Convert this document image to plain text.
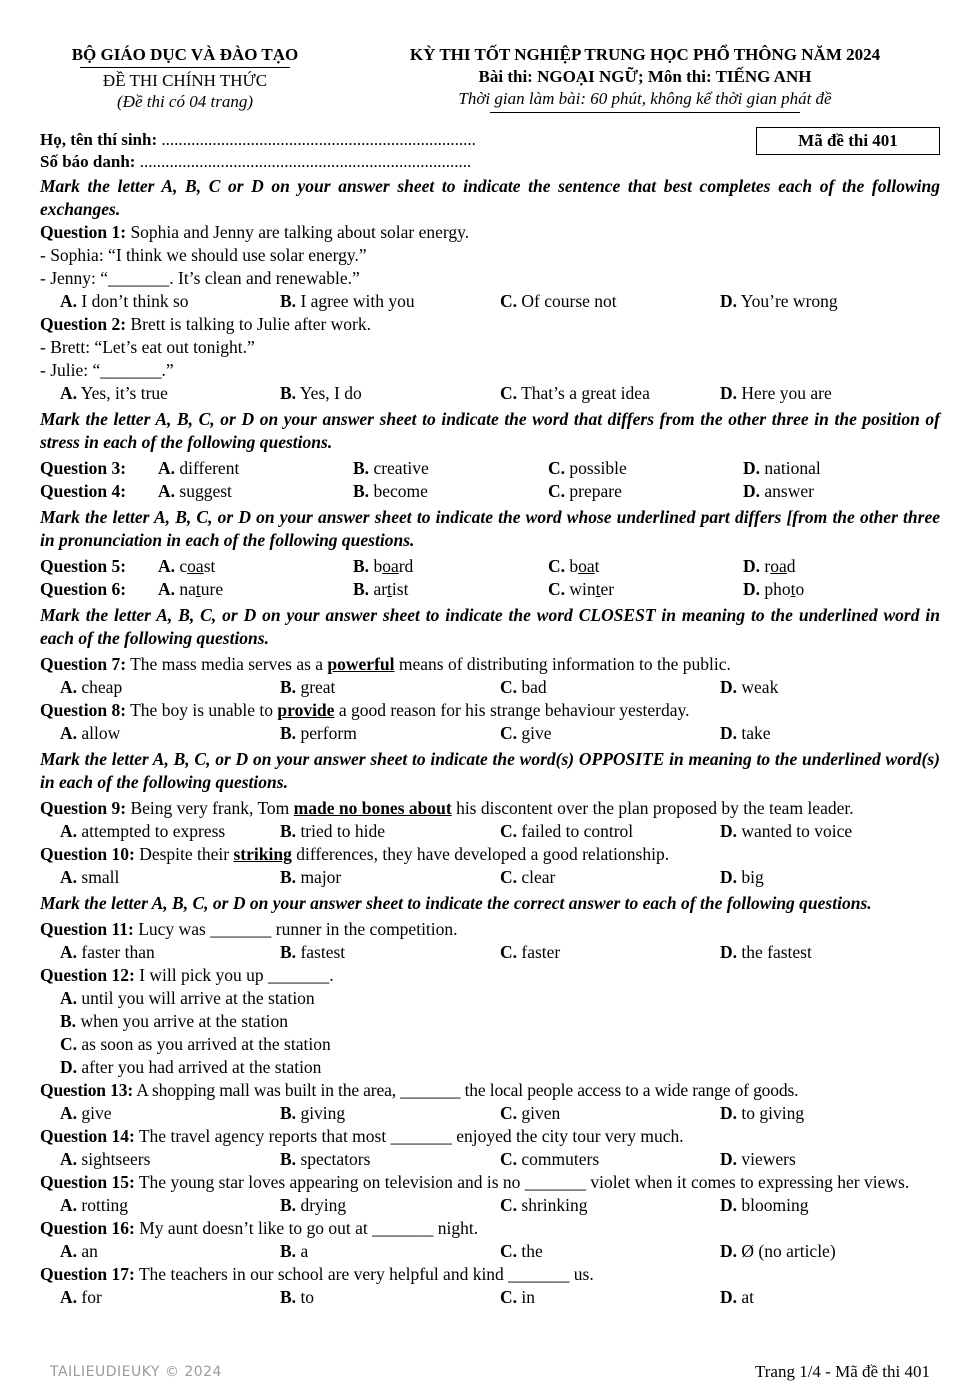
BỘ GIÁO DỤC VÀ ĐÀO TẠO
ĐỀ THI CHÍNH THỨC
(Đề thi có 04 trang)
KỲ THI TỐT NGHIỆP TRUNG HỌC PHỔ THÔNG NĂM 2024
Bài thi: NGOẠI NGỮ; Môn thi: TIẾNG ANH
Thời gian làm bài: 60 phút, không kể thời gian phát đề
Họ, tên thí sinh: ..........................................................................
Số báo danh: ..............................................................................
Mã đề thi 401

Mark the letter A, B, C or D on your answer sheet to indicate the sentence that best completes each of the following exchanges.

Question 1: Sophia and Jenny are talking about solar energy.

- Sophia: “I think we should use solar energy.”

- Jenny: “_______. It’s clean and renewable.”

A. I don’t think so	B. I agree with you	C. Of course not	D. You’re wrong

Question 2: Brett is talking to Julie after work.

- Brett: “Let’s eat out tonight.”

- Julie: “_______.”

A. Yes, it’s true	B. Yes, I do	C. That’s a great idea	D. Here you are

Mark the letter A, B, C, or D on your answer sheet to indicate the word that differs from the other three in the position of stress in each of the following questions.

Question 3:	A. different	B. creative	C. possible	D. national
Question 4:	A. suggest	B. become	C. prepare	D. answer

Mark the letter A, B, C, or D on your answer sheet to indicate the word whose underlined part differs [from the other three in pronunciation in each of the following questions.

Question 5:	A. coast	B. board	C. boat	D. road
Question 6:	A. nature	B. artist	C. winter	D. photo

Mark the letter A, B, C, or D on your answer sheet to indicate the word CLOSEST in meaning to the underlined word in each of the following questions.

Question 7: The mass media serves as a powerful means of distributing information to the public.

A. cheap	B. great	C. bad	D. weak

Question 8: The boy is unable to provide a good reason for his strange behaviour yesterday.

A. allow	B. perform	C. give	D. take

Mark the letter A, B, C, or D on your answer sheet to indicate the word(s) OPPOSITE in meaning to the underlined word(s) in each of the following questions.

Question 9: Being very frank, Tom made no bones about his discontent over the plan proposed by the team leader.

A. attempted to express	B. tried to hide	C. failed to control	D. wanted to voice

Question 10: Despite their striking differences, they have developed a good relationship.

A. small	B. major	C. clear	D. big

Mark the letter A, B, C, or D on your answer sheet to indicate the correct answer to each of the following questions.

Question 11: Lucy was _______ runner in the competition.

A. faster than	B. fastest	C. faster	D. the fastest

Question 12: I will pick you up _______.

A. until you will arrive at the station
B. when you arrive at the station
C. as soon as you arrived at the station
D. after you had arrived at the station

Question 13: A shopping mall was built in the area, _______ the local people access to a wide range of goods.

A. give	B. giving	C. given	D. to giving

Question 14: The travel agency reports that most _______ enjoyed the city tour very much.

A. sightseers	B. spectators	C. commuters	D. viewers

Question 15: The young star loves appearing on television and is no _______ violet when it comes to expressing her views.

A. rotting	B. drying	C. shrinking	D. blooming

Question 16: My aunt doesn’t like to go out at _______ night.

A. an	B. a	C. the	D. Ø (no article)

Question 17: The teachers in our school are very helpful and kind _______ us.

A. for	B. to	C. in	D. at
TAILIEUDIEUKY © 2024	Trang 1/4 - Mã đề thi 401
